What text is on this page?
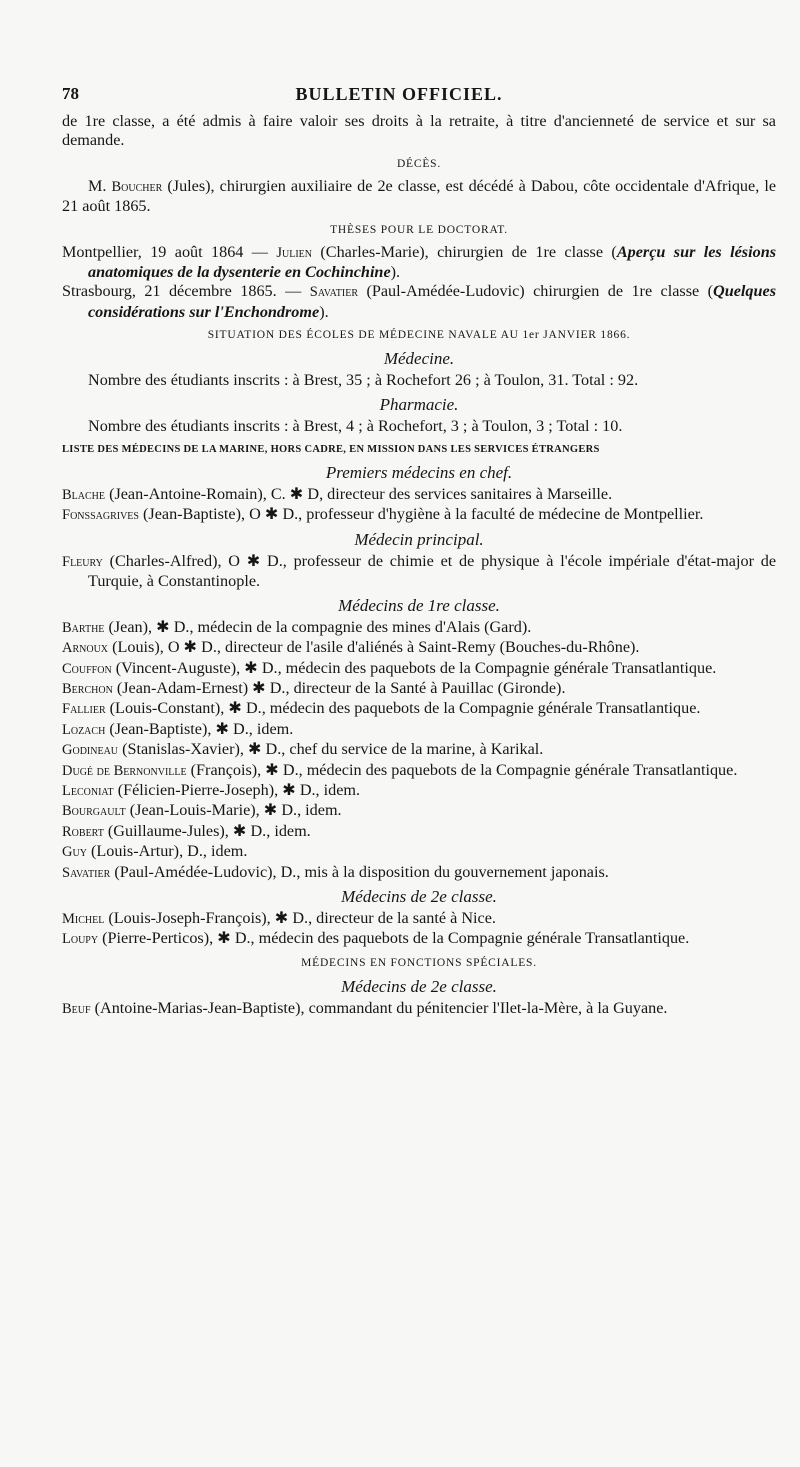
78	BULLETIN OFFICIEL.

de 1re classe, a été admis à faire valoir ses droits à la retraite, à titre d'ancienneté de service et sur sa demande.

DÉCÈS.

M. Boucher (Jules), chirurgien auxiliaire de 2e classe, est décédé à Dabou, côte occidentale d'Afrique, le 21 août 1865.

THÈSES POUR LE DOCTORAT.

Montpellier, 19 août 1864 — Julien (Charles-Marie), chirurgien de 1re classe (Aperçu sur les lésions anatomiques de la dysenterie en Cochinchine).

Strasbourg, 21 décembre 1865. — Savatier (Paul-Amédée-Ludovic) chirurgien de 1re classe (Quelques considérations sur l'Enchondrome).

SITUATION DES ÉCOLES DE MÉDECINE NAVALE AU 1er JANVIER 1866.
Médecine.

Nombre des étudiants inscrits : à Brest, 35 ; à Rochefort 26 ; à Toulon, 31. Total : 92.

Pharmacie.

Nombre des étudiants inscrits : à Brest, 4 ; à Rochefort, 3 ; à Toulon, 3 ; Total : 10.

LISTE DES MÉDECINS DE LA MARINE, HORS CADRE, EN MISSION DANS LES SERVICES ÉTRANGERS
Premiers médecins en chef.

Blache (Jean-Antoine-Romain), C. ✱ D, directeur des services sanitaires à Marseille.

Fonssagrives (Jean-Baptiste), O ✱ D., professeur d'hygiène à la faculté de médecine de Montpellier.

Médecin principal.

Fleury (Charles-Alfred), O ✱ D., professeur de chimie et de physique à l'école impériale d'état-major de Turquie, à Constantinople.

Médecins de 1re classe.

Barthe (Jean), ✱ D., médecin de la compagnie des mines d'Alais (Gard).

Arnoux (Louis), O ✱ D., directeur de l'asile d'aliénés à Saint-Remy (Bouches-du-Rhône).

Couffon (Vincent-Auguste), ✱ D., médecin des paquebots de la Compagnie générale Transatlantique.

Berchon (Jean-Adam-Ernest) ✱ D., directeur de la Santé à Pauillac (Gironde).

Fallier (Louis-Constant), ✱ D., médecin des paquebots de la Compagnie générale Transatlantique.

Lozach (Jean-Baptiste), ✱ D., idem.

Godineau (Stanislas-Xavier), ✱ D., chef du service de la marine, à Karikal.

Dugé de Bernonville (François), ✱ D., médecin des paquebots de la Compagnie générale Transatlantique.

Leconiat (Félicien-Pierre-Joseph), ✱ D., idem.

Bourgault (Jean-Louis-Marie), ✱ D., idem.

Robert (Guillaume-Jules), ✱ D., idem.

Guy (Louis-Artur), D., idem.

Savatier (Paul-Amédée-Ludovic), D., mis à la disposition du gouvernement japonais.

Médecins de 2e classe.

Michel (Louis-Joseph-François), ✱ D., directeur de la santé à Nice.

Loupy (Pierre-Perticos), ✱ D., médecin des paquebots de la Compagnie générale Transatlantique.

MÉDECINS EN FONCTIONS SPÉCIALES.
Médecins de 2e classe.

Beuf (Antoine-Marias-Jean-Baptiste), commandant du pénitencier l'Ilet-la-Mère, à la Guyane.
